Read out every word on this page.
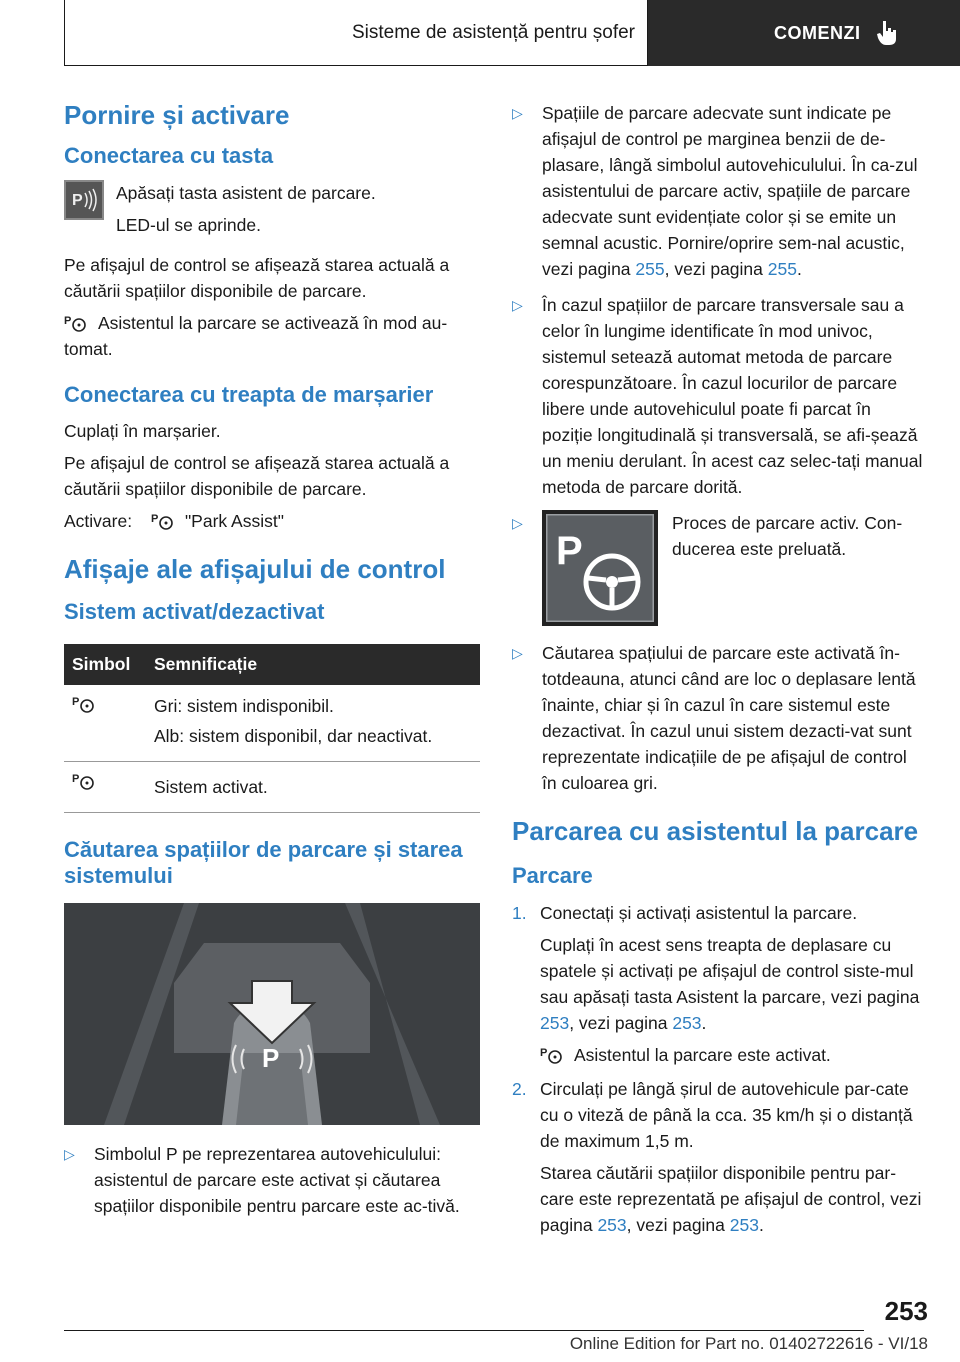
Sisteme de asistență pentru șofer	COMENZI
Pornire și activare
Conectarea cu tasta
P Apăsați tasta asistent de parcare.

LED-ul se aprinde.

Pe afișajul de control se afișează starea actuală a căutării spațiilor disponibile de parcare.

P Asistentul la parcare se activează în mod au-tomat.

Conectarea cu treapta de marșarier

Cuplați în marșarier.

Pe afișajul de control se afișează starea actuală a căutării spațiilor disponibile de parcare.

Activare: P "Park Assist"

Afișaje ale afișajului de control
Sistem activat/dezactivat
Simbol	Semnificație

P	Gri: sistem indisponibil.

Alb: sistem disponibil, dar neactivat.

P	Sistem activat.
Căutarea spațiilor de parcare și starea sistemului
P
▷ Simbolul P pe reprezentarea autovehiculului: asistentul de parcare este activat și căutarea spațiilor disponibile pentru parcare este ac-tivă.
▷ Spațiile de parcare adecvate sunt indicate pe afișajul de control pe marginea benzii de de-plasare, lângă simbolul autovehiculului. În ca-zul asistentului de parcare activ, spațiile de parcare adecvate sunt evidențiate color și se emite un semnal acustic. Pornire/oprire sem-nal acustic, vezi pagina 255, vezi pagina 255.
▷ În cazul spațiilor de parcare transversale sau a celor în lungime identificate în mod univoc, sistemul setează automat metoda de parcare corespunzătoare. În cazul locurilor de parcare libere unde autovehiculul poate fi parcat în poziție longitudinală și transversală, se afi-șează un meniu derulant. În acest caz selec-tați manual metoda de parcare dorită.
▷ P
Proces de parcare activ. Con-ducerea este preluată.
▷ Căutarea spațiului de parcare este activată în-totdeauna, atunci când are loc o deplasare lentă înainte, chiar și în cazul în care sistemul este dezactivat. În cazul unui sistem dezacti-vat sunt reprezentate indicațiile de pe afișajul de control în culoarea gri.
Parcarea cu asistentul la parcare
Parcare
1. Conectați și activați asistentul la parcare.

Cuplați în acest sens treapta de deplasare cu spatele și activați pe afișajul de control siste-mul sau apăsați tasta Asistent la parcare, vezi pagina 253, vezi pagina 253.

P Asistentul la parcare este activat.

2. Circulați pe lângă șirul de autovehicule par-cate cu o viteză de până la cca. 35 km/h și o distanță de maximum 1,5 m.

Starea căutării spațiilor disponibile pentru par-care este reprezentată pe afișajul de control, vezi pagina 253, vezi pagina 253.

253
Online Edition for Part no. 01402722616 - VI/18
